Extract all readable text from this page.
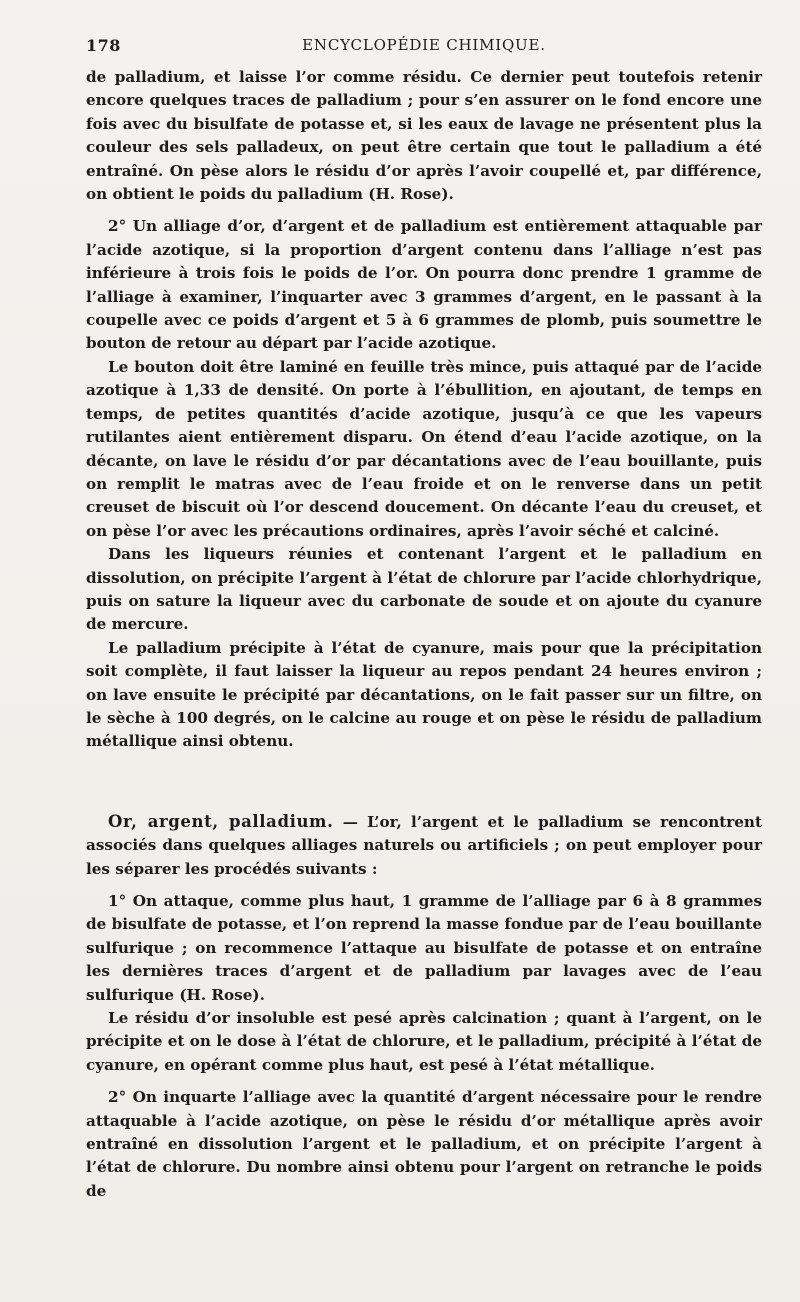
178	ENCYCLOPÉDIE CHIMIQUE.

de palladium, et laisse l’or comme résidu. Ce dernier peut toutefois retenir encore quelques traces de palladium ; pour s’en assurer on le fond encore une fois avec du bisulfate de potasse et, si les eaux de lavage ne présentent plus la couleur des sels palladeux, on peut être certain que tout le palladium a été entraîné. On pèse alors le résidu d’or après l’avoir coupellé et, par différence, on obtient le poids du palladium (H. Rose).

2° Un alliage d’or, d’argent et de palladium est entièrement attaquable par l’acide azotique, si la proportion d’argent contenu dans l’alliage n’est pas inférieure à trois fois le poids de l’or. On pourra donc prendre 1 gramme de l’alliage à examiner, l’inquarter avec 3 grammes d’argent, en le passant à la coupelle avec ce poids d’argent et 5 à 6 grammes de plomb, puis soumettre le bouton de retour au départ par l’acide azotique.

Le bouton doit être laminé en feuille très mince, puis attaqué par de l’acide azotique à 1,33 de densité. On porte à l’ébullition, en ajoutant, de temps en temps, de petites quantités d’acide azotique, jusqu’à ce que les vapeurs rutilantes aient entièrement disparu. On étend d’eau l’acide azotique, on la décante, on lave le résidu d’or par décantations avec de l’eau bouillante, puis on remplit le matras avec de l’eau froide et on le renverse dans un petit creuset de biscuit où l’or descend doucement. On décante l’eau du creuset, et on pèse l’or avec les précautions ordinaires, après l’avoir séché et calciné.

Dans les liqueurs réunies et contenant l’argent et le palladium en dissolution, on précipite l’argent à l’état de chlorure par l’acide chlorhydrique, puis on sature la liqueur avec du carbonate de soude et on ajoute du cyanure de mercure.

Le palladium précipite à l’état de cyanure, mais pour que la précipitation soit complète, il faut laisser la liqueur au repos pendant 24 heures environ ; on lave ensuite le précipité par décantations, on le fait passer sur un filtre, on le sèche à 100 degrés, on le calcine au rouge et on pèse le résidu de palladium métallique ainsi obtenu.

Or, argent, palladium. — L’or, l’argent et le palladium se rencontrent associés dans quelques alliages naturels ou artificiels ; on peut employer pour les séparer les procédés suivants :

1° On attaque, comme plus haut, 1 gramme de l’alliage par 6 à 8 grammes de bisulfate de potasse, et l’on reprend la masse fondue par de l’eau bouillante sulfurique ; on recommence l’attaque au bisulfate de potasse et on entraîne les dernières traces d’argent et de palladium par lavages avec de l’eau sulfurique (H. Rose).

Le résidu d’or insoluble est pesé après calcination ; quant à l’argent, on le précipite et on le dose à l’état de chlorure, et le palladium, précipité à l’état de cyanure, en opérant comme plus haut, est pesé à l’état métallique.

2° On inquarte l’alliage avec la quantité d’argent nécessaire pour le rendre attaquable à l’acide azotique, on pèse le résidu d’or métallique après avoir entraîné en dissolution l’argent et le palladium, et on précipite l’argent à l’état de chlorure. Du nombre ainsi obtenu pour l’argent on retranche le poids de
